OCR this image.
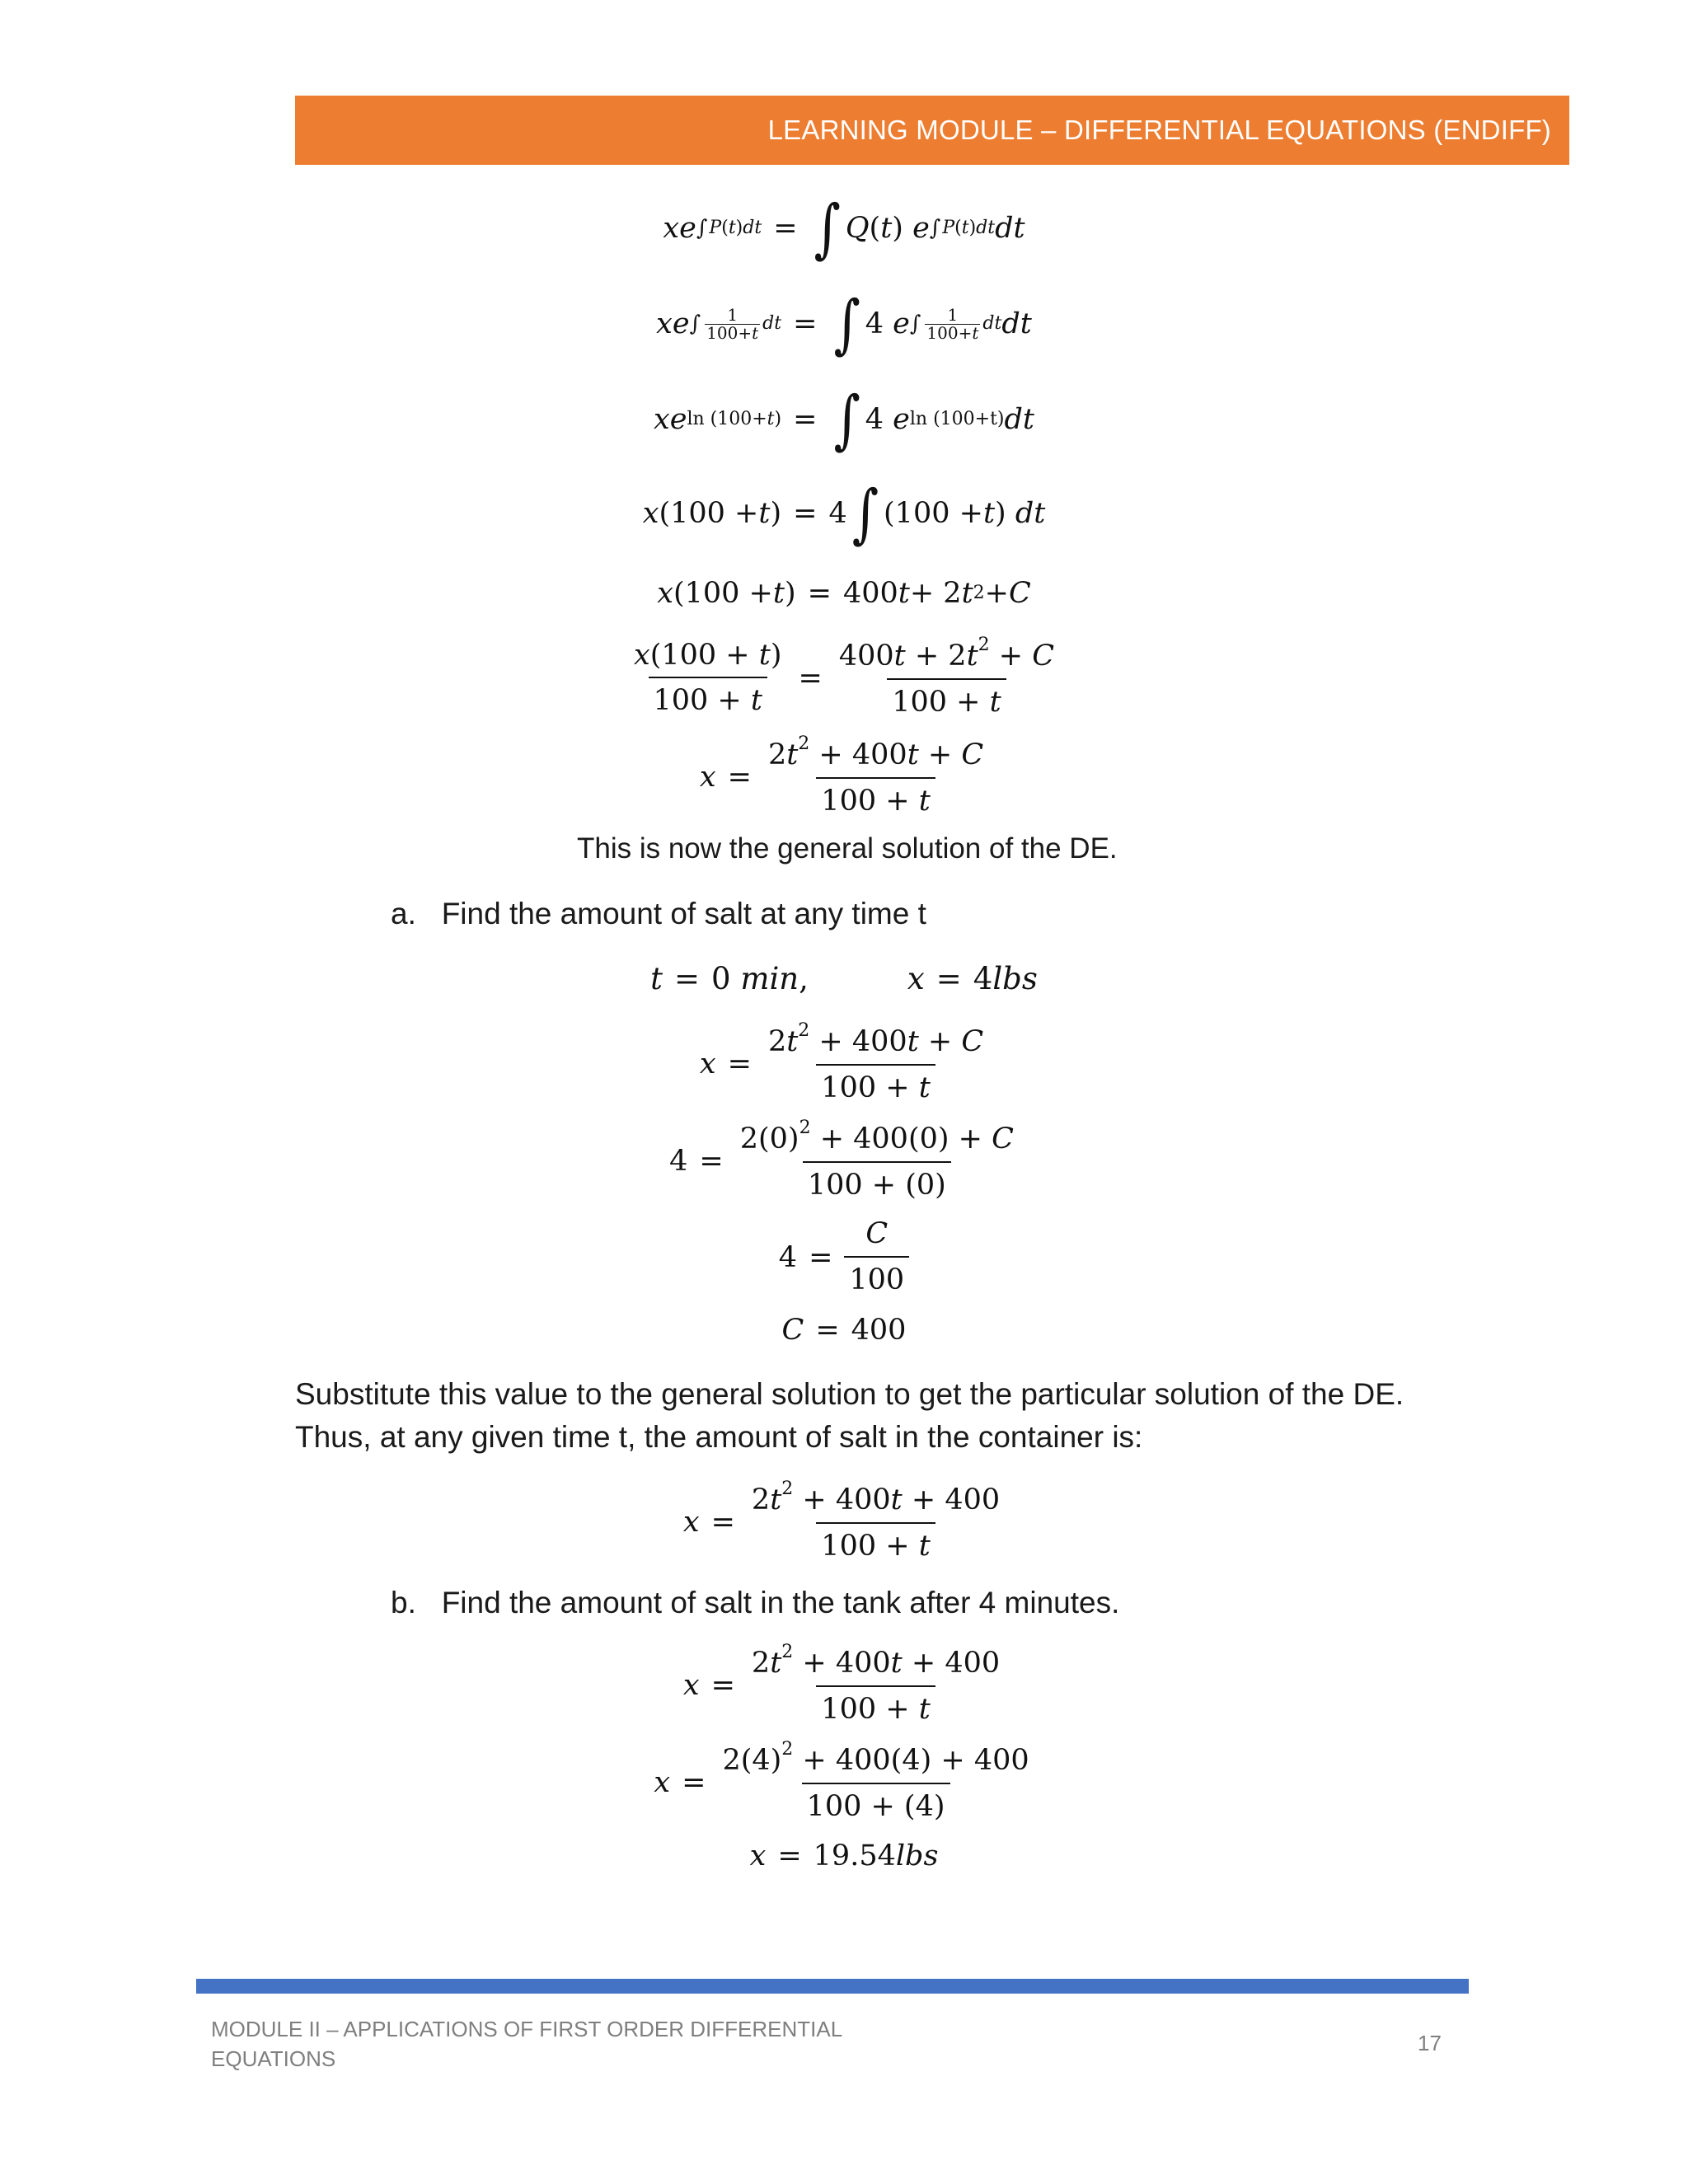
LEARNING MODULE – DIFFERENTIAL EQUATIONS (ENDIFF)
x e ∫ P ( t ) dt = ∫ Q ( t ) e ∫ P ( t ) dt dt
x e ∫ 1
100+t dt = ∫ 4 e ∫ 1
100+t dt dt
x e ln (100+ t ) = ∫ 4 e ln (100+t) dt
x (100 + t ) = 4 ∫ (100 + t ) dt
x (100 + t ) = 400 t + 2 t 2 + C
$\frac{x(100 + t)}{100 + t} = \frac{400t + 2t2 + C}{100 + t}$
$x = \frac{2t2 + 400t + C}{100 + t}$
This is now the general solution of the DE.
a.   Find the amount of salt at any time t
t = 0 min ,	x = 4 lbs
$x = \frac{2t2 + 400t + C}{100 + t}$
$4 = \frac{2(0)2 + 400(0) + C}{100 + (0)}$
$4 = \frac{C}{100}$
C = 400
Substitute this value to the general solution to get the particular solution of the DE.
Thus, at any given time t, the amount of salt in the container is:
$x = \frac{2t2 + 400t + 400}{100 + t}$
b.   Find the amount of salt in the tank after 4 minutes.
$x = \frac{2t2 + 400t + 400}{100 + t}$
$x = \frac{2(4)2 + 400(4) + 400}{100 + (4)}$
x = 19.54 lbs
MODULE II – APPLICATIONS OF FIRST ORDER DIFFERENTIAL EQUATIONS
17
